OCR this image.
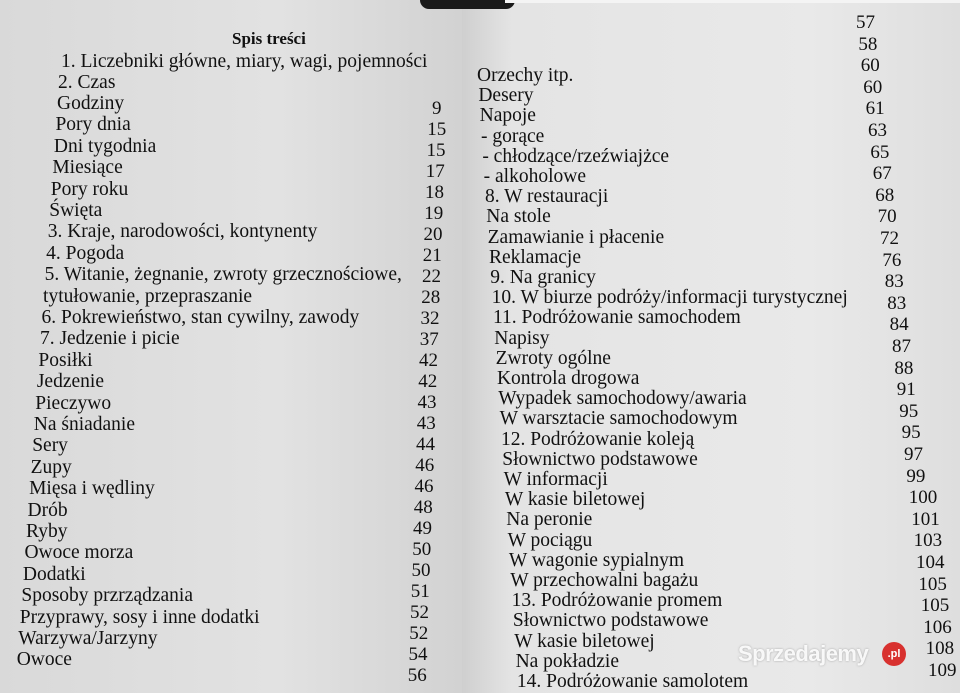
Spis treści
1. Liczebniki główne, miary, wagi, pojemności
2. Czas
Godziny
Pory dnia
Dni tygodnia
Miesiące
Pory roku
Święta
3. Kraje, narodowości, kontynenty
4. Pogoda
5. Witanie, żegnanie, zwroty grzecznościowe,
tytułowanie, przepraszanie
6. Pokrewieństwo, stan cywilny, zawody
7. Jedzenie i picie
Posiłki
Jedzenie
Pieczywo
Na śniadanie
Sery
Zupy
Mięsa i wędliny
Drób
Ryby
Owoce morza
Dodatki
Sposoby przrządzania
Przyprawy, sosy i inne dodatki
Warzywa/Jarzyny
Owoce
9
15
15
17
18
19
20
21
22
28
32
37
42
42
43
43
44
46
46
48
49
50
50
51
52
52
54
56
Orzechy itp.
Desery
Napoje
- gorące
- chłodzące/rzeźwiajżce
- alkoholowe
8. W restauracji
Na stole
Zamawianie i płacenie
Reklamacje
9. Na granicy
10. W biurze podróży/informacji turystycznej
11. Podróżowanie samochodem
Napisy
Zwroty ogólne
Kontrola drogowa
Wypadek samochodowy/awaria
W warsztacie samochodowym
12. Podróżowanie koleją
Słownictwo podstawowe
W informacji
W kasie biletowej
Na peronie
W pociągu
W wagonie sypialnym
W przechowalni bagażu
13. Podróżowanie promem
Słownictwo podstawowe
W kasie biletowej
Na pokładzie
14. Podróżowanie samolotem
57
58
60
60
61
63
65
67
68
70
72
76
83
83
84
87
88
91
95
95
97
99
100
101
103
104
105
105
106
108
109
Sprzedajemy	.pl
